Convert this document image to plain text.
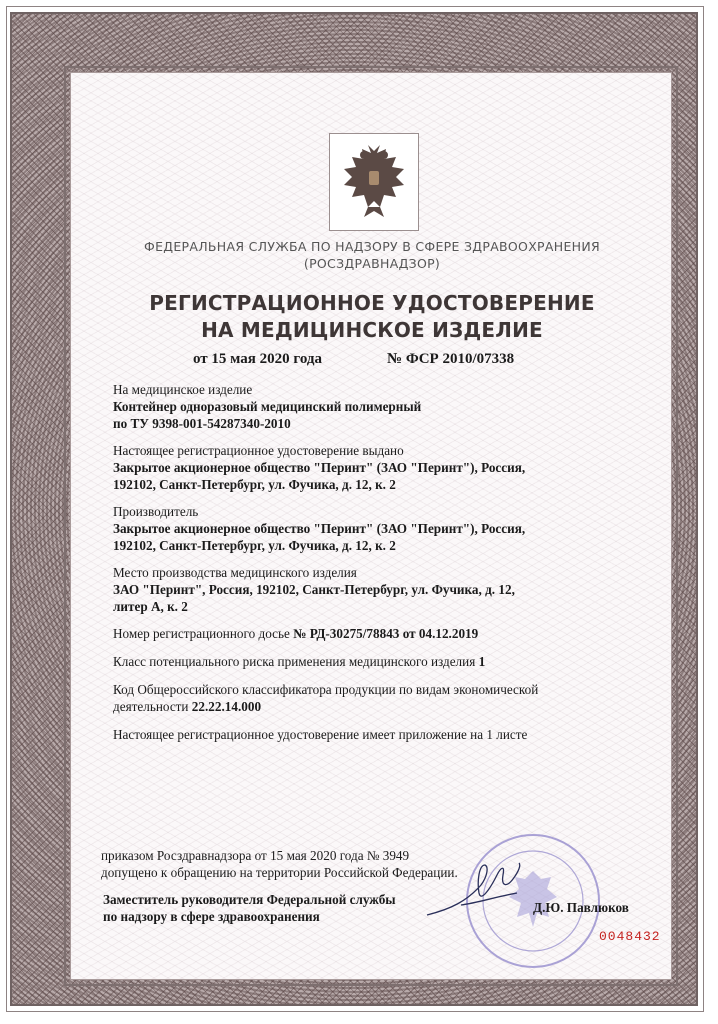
ФЕДЕРАЛЬНАЯ СЛУЖБА ПО НАДЗОРУ В СФЕРЕ ЗДРАВООХРАНЕНИЯ
(РОСЗДРАВНАДЗОР)
РЕГИСТРАЦИОННОЕ УДОСТОВЕРЕНИЕ
НА МЕДИЦИНСКОЕ ИЗДЕЛИЕ
от 15 мая 2020 года	№ ФСР 2010/07338
На медицинское изделие
Контейнер одноразовый медицинский полимерный
по ТУ 9398-001-54287340-2010
Настоящее регистрационное удостоверение выдано
Закрытое акционерное общество "Перинт" (ЗАО "Перинт"), Россия,
192102, Санкт-Петербург, ул. Фучика, д. 12, к. 2
Производитель
Закрытое акционерное общество "Перинт" (ЗАО "Перинт"), Россия,
192102, Санкт-Петербург, ул. Фучика, д. 12, к. 2
Место производства медицинского изделия
ЗАО "Перинт", Россия, 192102, Санкт-Петербург, ул. Фучика, д. 12,
литер А, к. 2
Номер регистрационного досье № РД-30275/78843 от 04.12.2019
Класс потенциального риска применения медицинского изделия 1
Код Общероссийского классификатора продукции по видам экономической
деятельности 22.22.14.000
Настоящее регистрационное удостоверение имеет приложение на 1 листе
приказом Росздравнадзора от 15 мая 2020 года № 3949
допущено к обращению на территории Российской Федерации.
Заместитель руководителя Федеральной службы
по надзору в сфере здравоохранения
Д.Ю. Павлюков
0048432
